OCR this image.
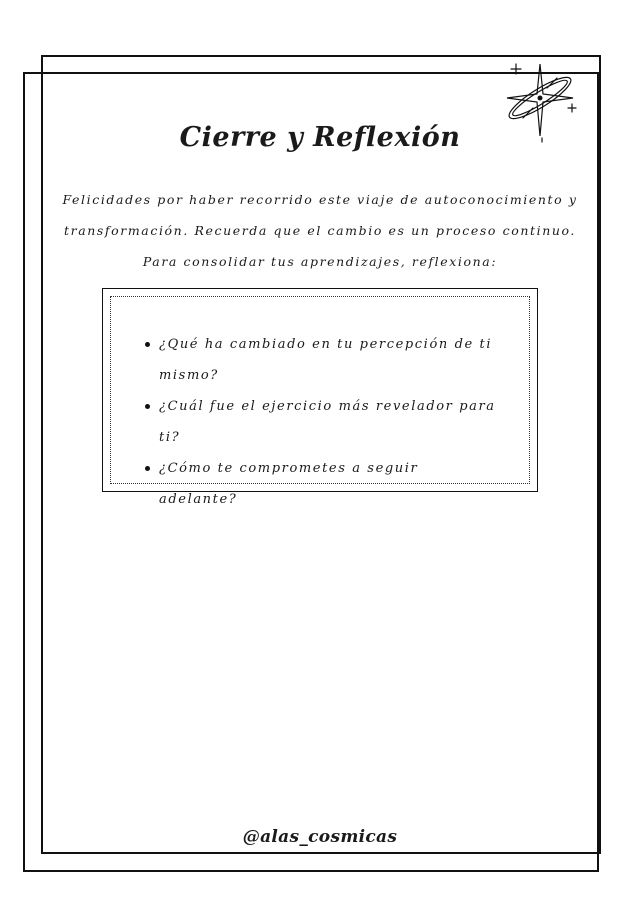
Cierre y Reflexión
Felicidades por haber recorrido este viaje de autoconocimiento y transformación. Recuerda que el cambio es un proceso continuo. Para consolidar tus aprendizajes, reflexiona:
¿Qué ha cambiado en tu percepción de ti mismo?
¿Cuál fue el ejercicio más revelador para ti?
¿Cómo te comprometes a seguir adelante?
@alas_cosmicas
